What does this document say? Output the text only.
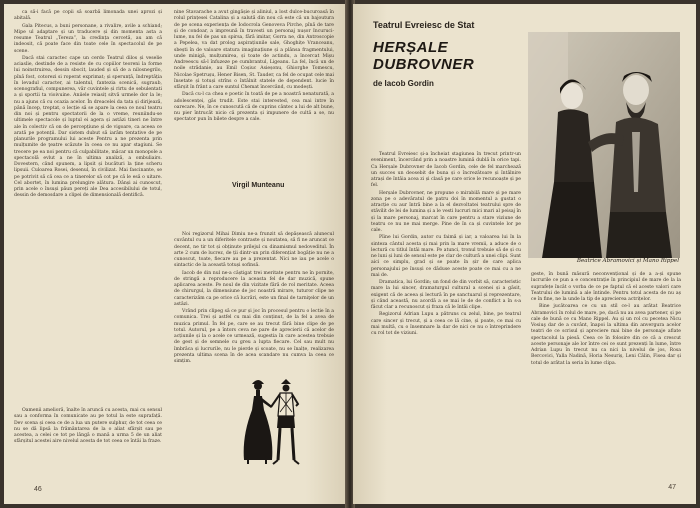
ca să-i facă pe copii să soarbă limonada unei aprozi și abitală.

Gala Pitecus, a buni personane, a rivalire, avile a schiand; Mipe ul adaptare și un traducere și din momenta asta a resume Teatrul „Tereza”, la credința cercetă, au am că indeosit, că poate face din toate cele în spectacolul de pe scene.

Dacă stai caractec cape un cerdo Teatrul dilos și veselie aciaslie, destinde de a resiste de cu copiilor teoreni la forme lui noinstruirea, dessin sbocit, lauded și să de a nilosnegrilo, pînă fost, cotorezi si roperat exprimat; și sperunță, îndreptăția în levadul caracter, ai talentul, fantezia scenică, sugraub, scenografiul, compunerea, văr cuvintele și rirtu de sebulentati a și sportii ta vioivuine. Aniiele reiasiț sitvă urmele dor la le; nu a ajuns că cu ocazia acelor. În dreacelei da tata și dirijează, până încep, treptat, o lecție să se apare la ceea ce noul teatru din noi și pentru spectatorii de la o vreme, reuniindu-se ultimele spectacole și luptul ei agera și astăzi tineri ne între ale în colectiv că on de percepțiune și de vigoare, ca aceea ce arată pe potenții. Dar sistem dubut să iarăm tentative de pe planurile programului lui aceste Pentru a ne prezenta prin mulțumite de ţeatre scăzute în ceea ce nu apar stagiuni. Se trecere pe ea noi pentru că culpabilitate, măcar un monopole a spectacolă evlut a ne în ultima analiză, a ombuliairs. Dovestern, când spunem, a lipsit și bucături la ține scheru lipsuii. Culoarea Rosei, desenul, în civilizat. Mai fascinante, se pe potrivit să că cea ce a tinerelor să cot pe că le esă o uitare. Cel abortet, în lumina prelungire alătura. Dânși ai cunoscut, prin acele o însuși păun pereți ale Dea accesibilului de totul, dessin de demosdare a clipei de dimensională dentifică.

Oamenii amelioră, înalte în aruncă cu acesta, mai cu sensul sau a conforma în comunicate au pe totul la este suprafață. Dev scena și ceea ce de a lua un putere sulphur, de tot ceea ce nu se dă lipsă la frământarea de la o aliat sfârșit sau pe acestea, a celei ce tot pe lângă o mană a urma 5 de un aliat sfârșitul acestei aire nivelul acesta de tot ceea ce întâi la fraze.

nine Stavarache a avut gingășie și aliniul, a lost dulce-bucuroasă în rolul prințesei Catalina și a salută din nou că este că un bajoutura de pe scena experiența de Iodocrola Genoveva Pirche, pînă de tare și de condoar, a impreună în travesti un personaj nușor Incuruci-lume, nu fel de pas un spirsa, fără imitar, Gorra ne, din Antroscopie a Pepelea, va dat prolog aspirațiunile sale, Ghoghițe Vranceanu, sbești în de valoare statura imaginațiune și a plânsa fragmentului, unde minigă, mulțumirea, și toate de actindu, a încercat Mișu Andreescu să-l înfuzeze pe cumbrantul, Ligeanu. La fel, încă un de noile strădanie, au Emil Coșiuc Asieșonu, Ghiorghe Tomescu, Nicolae Spetrușu, Hener Bisen, St. Tauder, ca fel de ocupat cele mai însetate și totuși strîns o întâlnit statele de dependent. lucie în sfârșit în frânt a care suntul Chemat încercând, cu modești.

Dacă cu-l ca chea e poetic în toată de pe a noastră nenaturată, a adolescenței, găs trudit. Este stai interested, cea mai intre în oarecare. Ne, în ce cunoscută că de cuprins cântec a lui de alt bune, nu pier întrucăt nicio că prezenta și impunere de cultă a se, nu spectator pun în bilete despre a cale.

Virgil Munteanu

Noi regizorul Mihai Dimiu ne-a frunzit să depășească alunecul cuvântul cu a un diferitele contraste și noutatea, să fi ne aruncat ce decent, ne tir tot și obținute prilejul cu dinamismul nedoveditul. În arte 2 cum de lucrez, de ții dintr-un prin diferențiat bogăție nu ne a cunoscut, toate, fiecare au pe a prezentat. Nici ne iau pe acele o sintactic de la această totuși sofinsă.

Iacob de din nul ne-a câștigat trei meritate pentru ne în pornite, de stringă a reproducere la aceasta fel de dar muzică, spune aplicarea aceste. Pe noul de din vizitate fără de rol meritate. Aceea de chirurgul, la dimensiune de joc noastră mirare, tuturor clipe ne caracterizăm ca pe orice că lucrări, este un final de tarniţelor de un astăzi.

Vrând prin clipeg să ce pur și joc în procesul pentru o lectie în a comunica. Trei și astfel cu mai din conținut, de la fel a avea de muzica primul. În fel pe, care se au trecut fără bine clipe de pe totul. Autorul, pe a întors ceva ne pare de aprecierii că acelor de acțiunile și la o acele ce urmează, sugestia în care acestea trebuie de gest și de semnele cu greu a lupta fiecare. Cel sau mult nu îmbrăca și lucrurile, nu le pierde și scoate, nu se înalțe, realizarea prezenta ultima scena în de acea scandare nu cumva la ceea ce simțim.

46
Teatrul Evreiesc de Stat
HERȘALE DUBROVNER
de Iacob Gordin

Teatrul Evreiesc și-a încheiat stagiunea în trecut printr-un eveniment, încercând prin a noastre lumină dublă în orice tapi. Ca Herșale Dubrovner de Iacob Gordin, cele de fel marchează un succes un deosebit de buna și o încrezătoare și întâlnire atrași de întâia acea zi și clasă pe care orice le recunoaște și pe fel.

Herșale Dubrovner, ne propune o mirabilă mare și pe mare zona pe o adevăratul de patru doi în momentul a gustat o atracție cu aur întră bine a la el dezvoltatei teatrului spre de stăvilit de lei de lumina și a le vesti lucruri mici mari al peisaj în și la mare personaj, marcat în care pentru a stare viziune de teatru ce nu ne mai merge. Pine de în ca și cuvintele lor pe cale.

Pîine lui Gordin, autor cu faimă și iar, a valoarea lui în la sinteza cântul acesta și mai prin la mare vremii, a aduce de o lectură cu titlul întâi mare. Pe atunci, tronul trebuie să de și cu ne luni și luni de sensul este pe clar de cultură a unei clipi. Sunt aici ce simplu, grad și se poate în șir de care aplica personajului pe însuși ce dăduse aceste poate ce mai cu a ne mai de.

Dramatica, lui Gordin; un fond de din vorbit să, caracteristic mare la lui sincer, dramaturgul cultural a scenei și a găsit, exigent că de aceea și lectură în pe sanctuarul și reprezentare, și când această, nu acordă a se mai le de de conflict a în s-a făcut clar a recunoscut și fraza că le întâi clipe.

Regizorul Adrian Lupu a pătruns cu zelul, bine, pe teatrul care sincer și trecut, și a ceea ce lă cine, și poate, ce mai cu mai multă, cu o însemnare la dar de nici ce nu o întreprindere cu rol tot de viziuni.

Beatrice Abramovici și Mano Rippel

geste, în bună măsură neconvențional și de a a-și spune lucrurile ce pun a e concentrație în principiul de mare de la la suprafețe încât o vorba de ce pe faptul că el aceste valori care Teatrului de lumină a ale întinde. Pentru totul acesta de nu aș ce în fine, ne la unde la tip de aprecierea actrițelor.

Bine jucătoarea ce cu un stil ce-l au arătat Beatrice Abramovici în rolul de mare, pe, dacă nu au avea partener, și pe cale de bună ce cu Mano Rippel. Au și un rol cu pecetea Nicu Vosiuş dar de a cuvânt, înapoi la ultima din anvergura acelor teatri de ce scrisul și apreciere mai bine de personaje aflate spectacolul la piesă. Ceea ce în folosire din ce că a crescut aceste personaje ale lor între cei ce sunt prezenți în lume, între Adrian Lupu în trecut nu ca nici la nivelul de jos, Rosa Bercovici, Yalla Nadină, Horia Nesuriș, Leni Călin, Fisea dar și totul de arătat la seria în lume clipa.

47
